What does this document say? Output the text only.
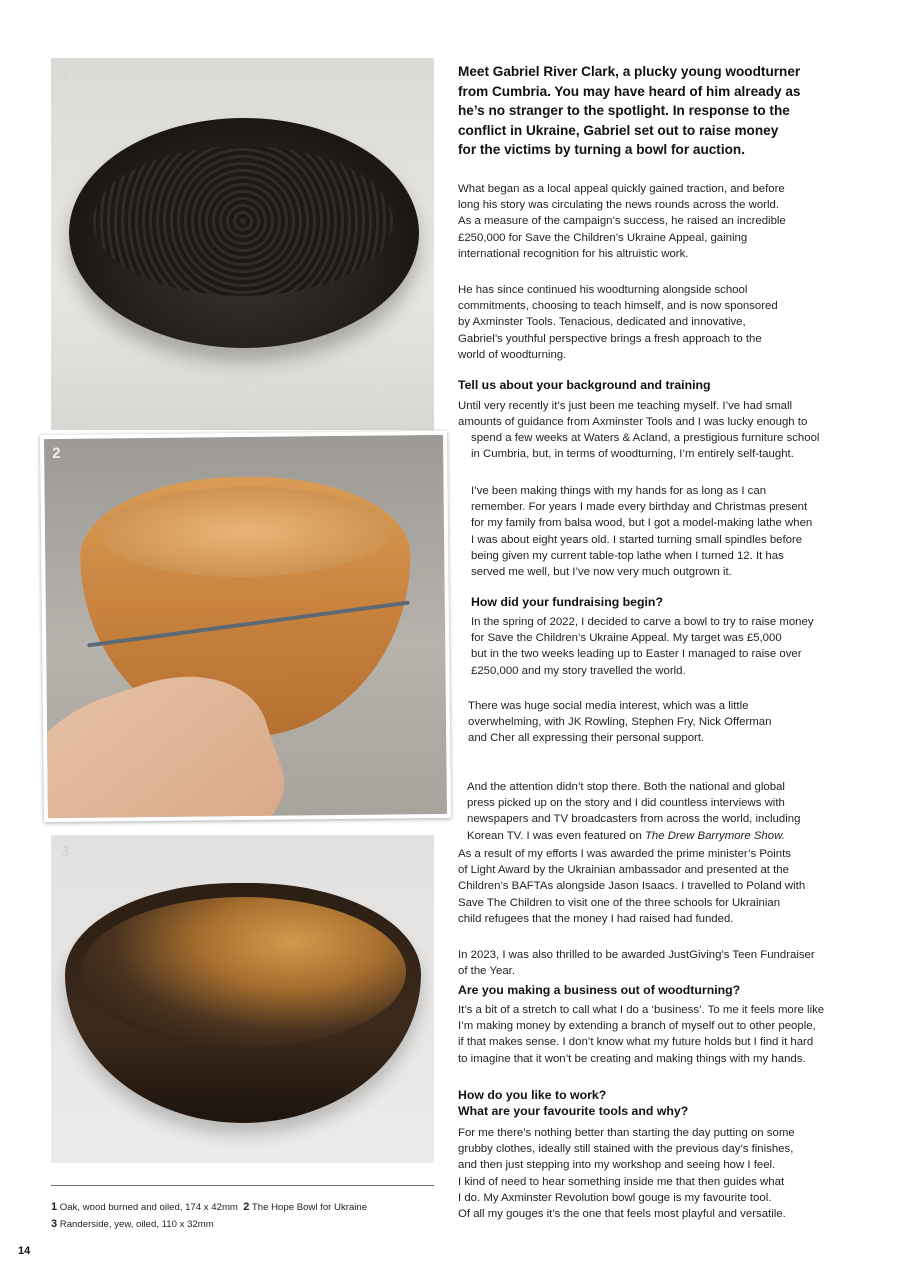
1
2
3
Meet Gabriel River Clark, a plucky young woodturner
from Cumbria. You may have heard of him already as
he’s no stranger to the spotlight. In response to the
conflict in Ukraine, Gabriel set out to raise money
for the victims by turning a bowl for auction.
What began as a local appeal quickly gained traction, and before
long his story was circulating the news rounds across the world.
As a measure of the campaign’s success, he raised an incredible
£250,000 for Save the Children’s Ukraine Appeal, gaining
international recognition for his altruistic work.
He has since continued his woodturning alongside school
commitments, choosing to teach himself, and is now sponsored
by Axminster Tools. Tenacious, dedicated and innovative,
Gabriel’s youthful perspective brings a fresh approach to the
world of woodturning.
Tell us about your background and training
Until very recently it’s just been me teaching myself. I’ve had small
amounts of guidance from Axminster Tools and I was lucky enough to
spend a few weeks at Waters & Acland, a prestigious furniture school
in Cumbria, but, in terms of woodturning, I’m entirely self-taught.
I’ve been making things with my hands for as long as I can
remember. For years I made every birthday and Christmas present
for my family from balsa wood, but I got a model-making lathe when
I was about eight years old. I started turning small spindles before
being given my current table-top lathe when I turned 12. It has
served me well, but I’ve now very much outgrown it.
How did your fundraising begin?
In the spring of 2022, I decided to carve a bowl to try to raise money
for Save the Children’s Ukraine Appeal. My target was £5,000
but in the two weeks leading up to Easter I managed to raise over
£250,000 and my story travelled the world.
There was huge social media interest, which was a little
overwhelming, with JK Rowling, Stephen Fry, Nick Offerman
and Cher all expressing their personal support.
And the attention didn’t stop there. Both the national and global
press picked up on the story and I did countless interviews with
newspapers and TV broadcasters from across the world, including
Korean TV. I was even featured on The Drew Barrymore Show.
As a result of my efforts I was awarded the prime minister’s Points
of Light Award by the Ukrainian ambassador and presented at the
Children’s BAFTAs alongside Jason Isaacs. I travelled to Poland with
Save The Children to visit one of the three schools for Ukrainian
child refugees that the money I had raised had funded.
In 2023, I was also thrilled to be awarded JustGiving’s Teen Fundraiser
of the Year.
Are you making a business out of woodturning?
It’s a bit of a stretch to call what I do a ‘business’. To me it feels more like
I’m making money by extending a branch of myself out to other people,
if that makes sense. I don’t know what my future holds but I find it hard
to imagine that it won’t be creating and making things with my hands.
How do you like to work?
What are your favourite tools and why?
For me there’s nothing better than starting the day putting on some
grubby clothes, ideally still stained with the previous day’s finishes,
and then just stepping into my workshop and seeing how I feel.
I kind of need to hear something inside me that then guides what
I do. My Axminster Revolution bowl gouge is my favourite tool.
Of all my gouges it’s the one that feels most playful and versatile.
1 Oak, wood burned and oiled, 174 x 42mm 2 The Hope Bowl for Ukraine
3 Randerside, yew, oiled, 110 x 32mm
14
